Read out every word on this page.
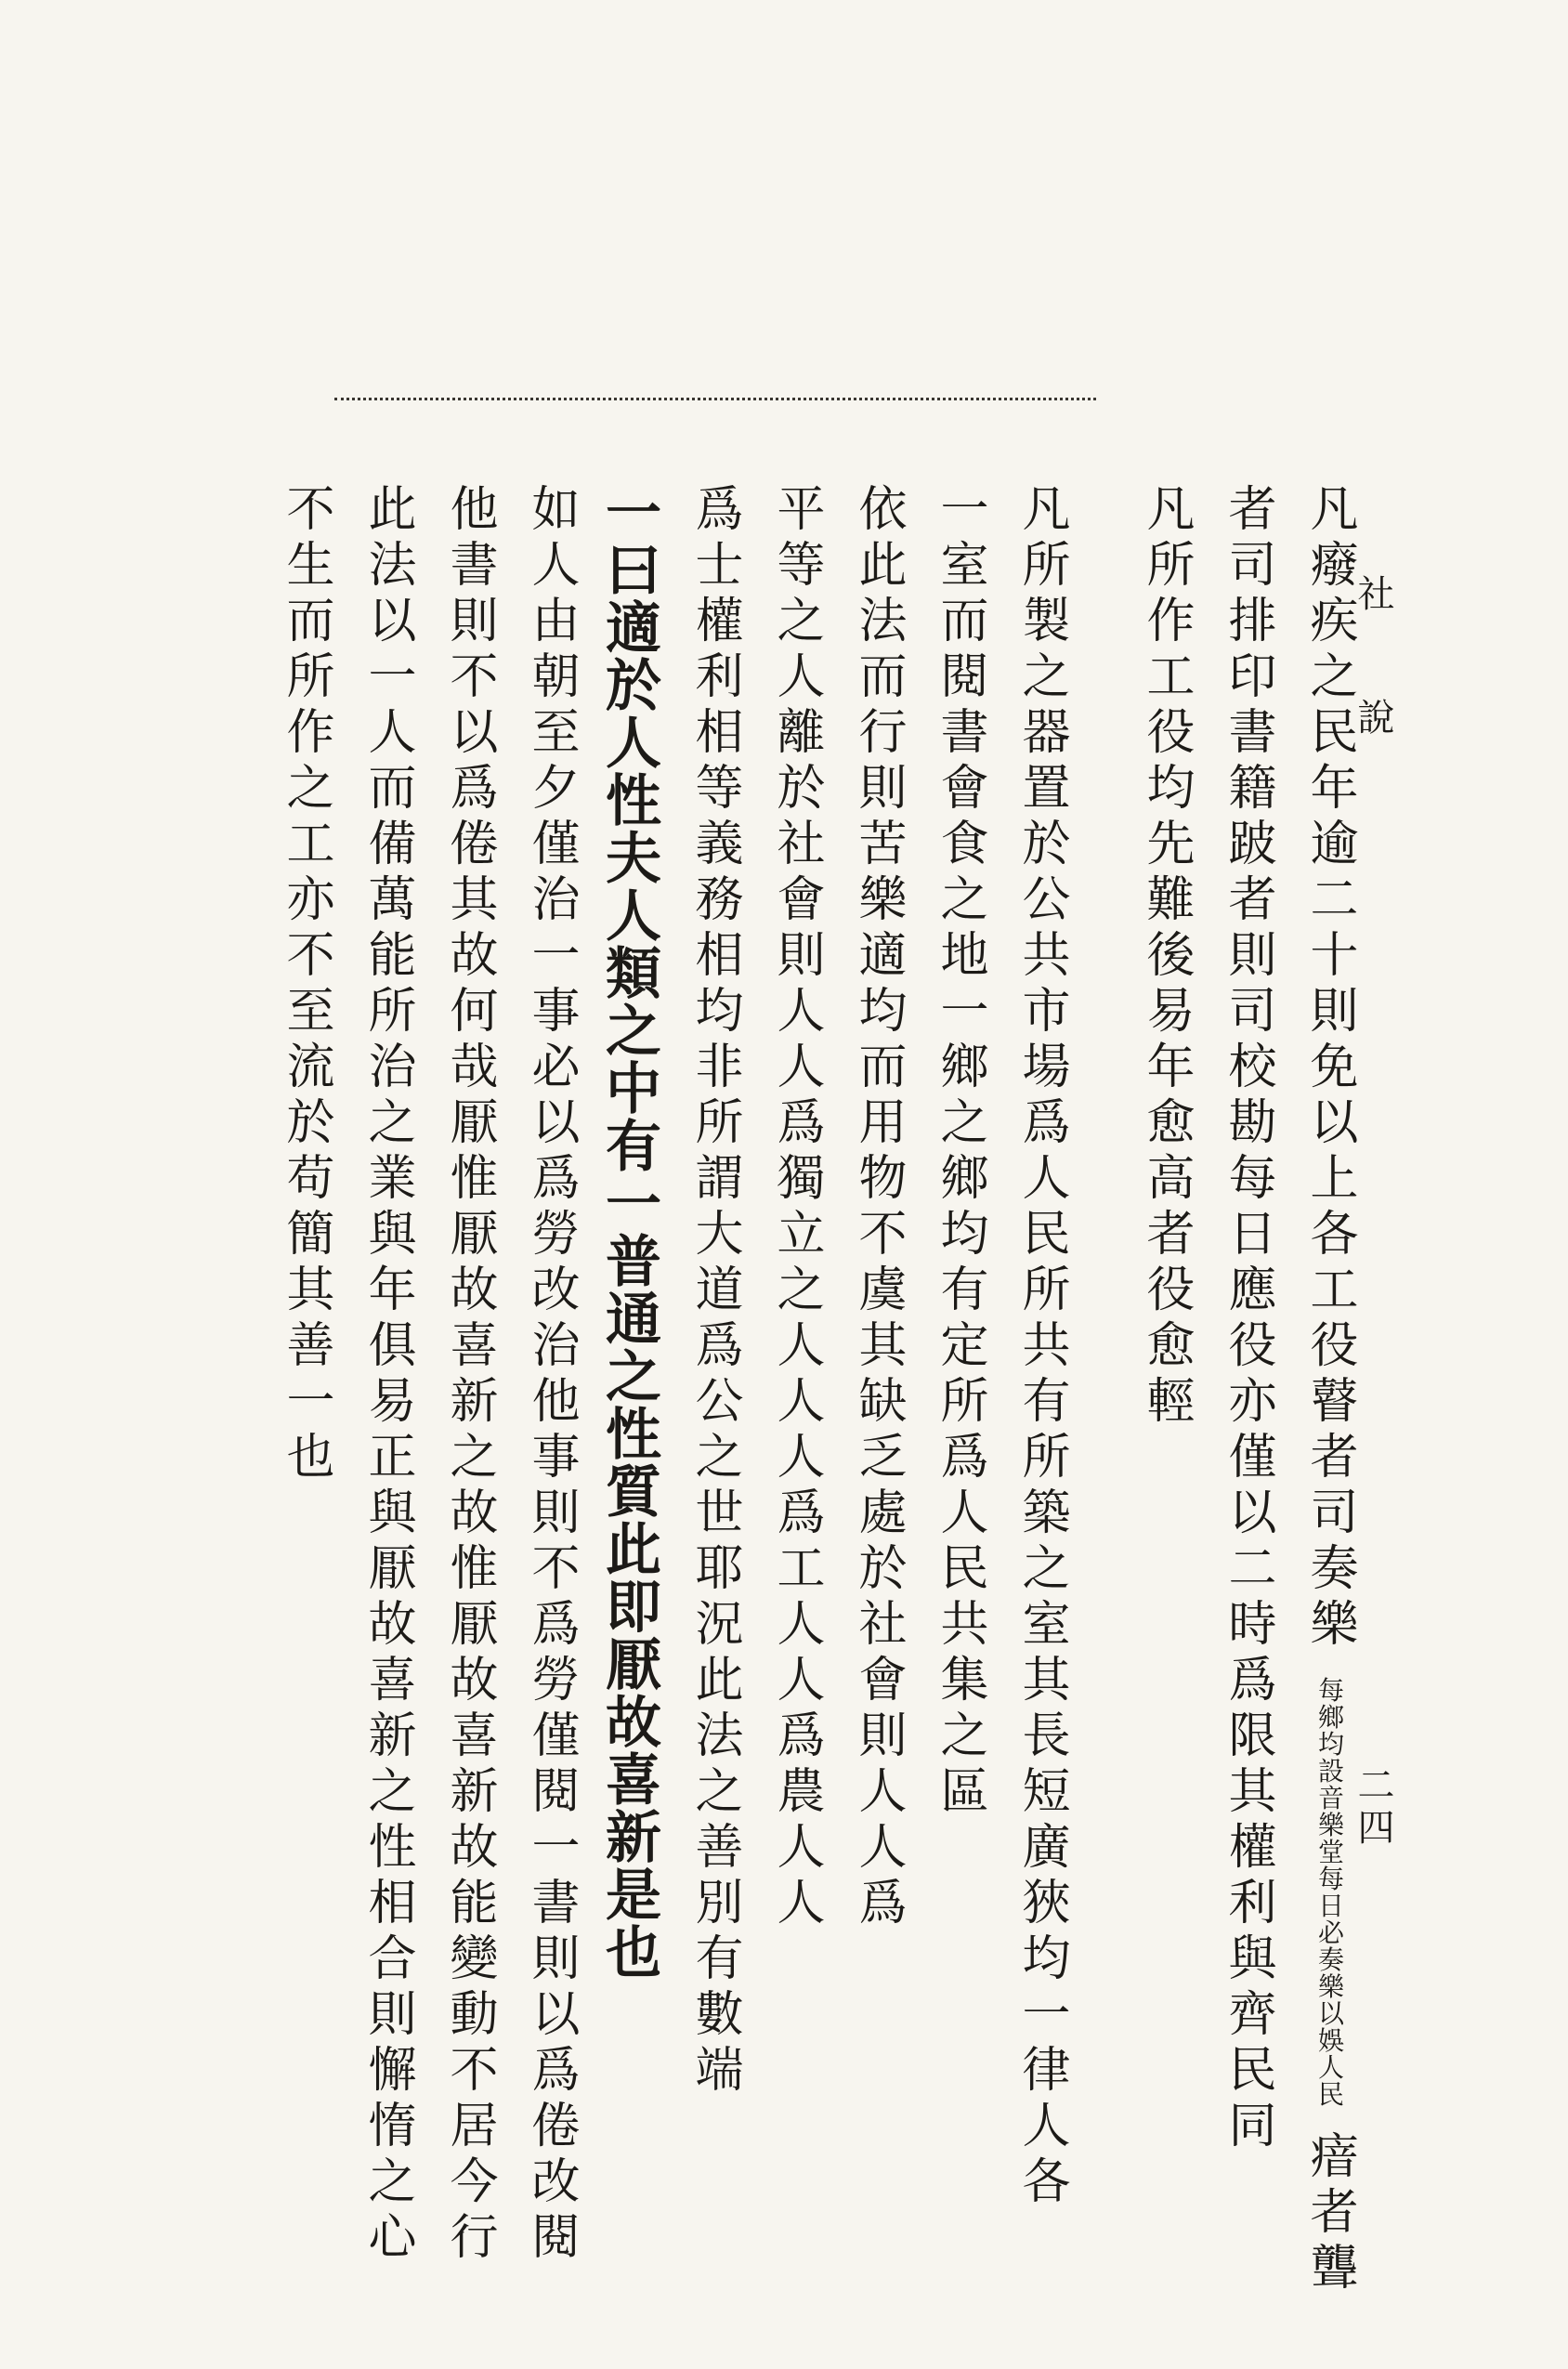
社 說
二四
凡癈疾之民年逾二十則免以上各工役瞽者司奏樂 每鄉均設音樂堂每日必奏樂以娛人民 瘖者聾
者司排印書籍跛者則司校勘每日應役亦僅以二時爲限其權利與齊民同
凡所作工役均先難後易年愈高者役愈輕
凡所製之器置於公共市場爲人民所共有所築之室其長短廣狹均一律人各
一室而閱書會食之地一鄉之鄉均有定所爲人民共集之區
依此法而行則苦樂適均而用物不虞其缺乏處於社會則人人爲
平等之人離於社會則人人爲獨立之人人人爲工人人爲農人人
爲士權利相等義務相均非所謂大道爲公之世耶況此法之善別有數端
一曰適於人性夫人類之中有一普通之性質此即厭故喜新是也
如人由朝至夕僅治一事必以爲勞改治他事則不爲勞僅閱一書則以爲倦改閱
他書則不以爲倦其故何哉厭惟厭故喜新之故惟厭故喜新故能變動不居今行
此法以一人而備萬能所治之業與年俱易正與厭故喜新之性相合則懈惰之心
不生而所作之工亦不至流於苟簡其善一也
